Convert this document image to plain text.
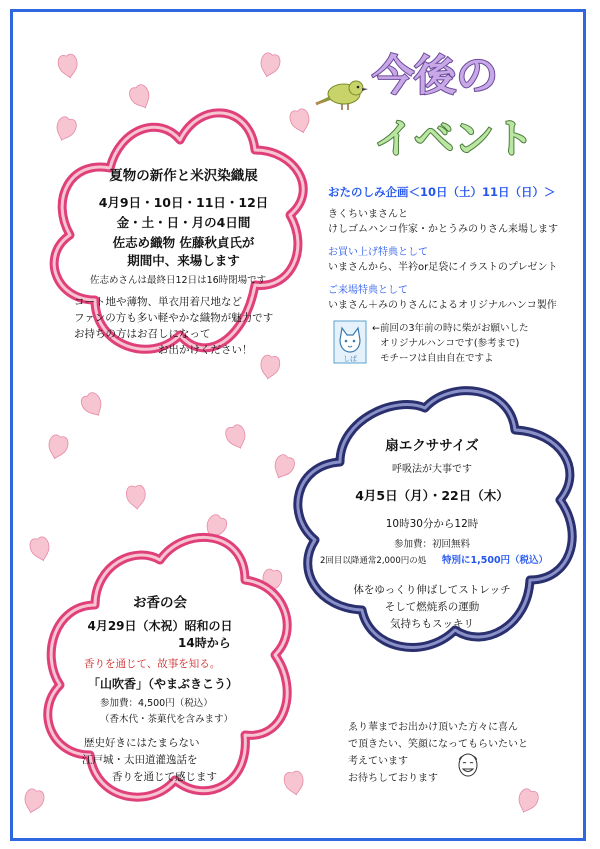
今後の
イベント
夏物の新作と米沢染織展
4月9日・10日・11日・12日
金・土・日・月の4日間
佐志め織物 佐藤秋貞氏が
期間中、来場します
佐志めさんは最終日12日は16時閉場です
コート地や薄物、単衣用着尺地など
ファンの方も多い軽やかな織物が魅力です
お持ちの方はお召しになって
お出かけください！
おたのしみ企画＜10日（土）11日（日）＞
きくちいまさんと
けしゴムハンコ作家・かとうみのりさん来場します
お買い上げ特典として
いまさんから、半衿or足袋にイラストのプレゼント
ご来場特典として
いまさん＋みのりさんによるオリジナルハンコ製作
しば
←前回の3年前の時に柴がお願いした
オリジナルハンコです(参考まで)
モチーフは自由自在ですよ
扇エクササイズ
呼吸法が大事です
4月5日（月）・22日（木）
10時30分から12時
参加費：初回無料
2回目以降通常2,000円の処 特別に1,500円（税込）
体をゆっくり伸ばしてストレッチ
そして燃焼系の運動
気持ちもスッキリ
お香の会
4月29日（木祝）昭和の日
14時から
香りを通じて、故事を知る。
「山吹香」（やまぶきこう）
参加費：4,500円（税込）
（香木代・茶菓代を含みます）
歴史好きにはたまらない
江戸城・太田道灌逸話を
香りを通じて感じます
ゑり華までお出かけ頂いた方々に喜ん
で頂きたい、笑顔になってもらいたいと
考えています
お待ちしております
